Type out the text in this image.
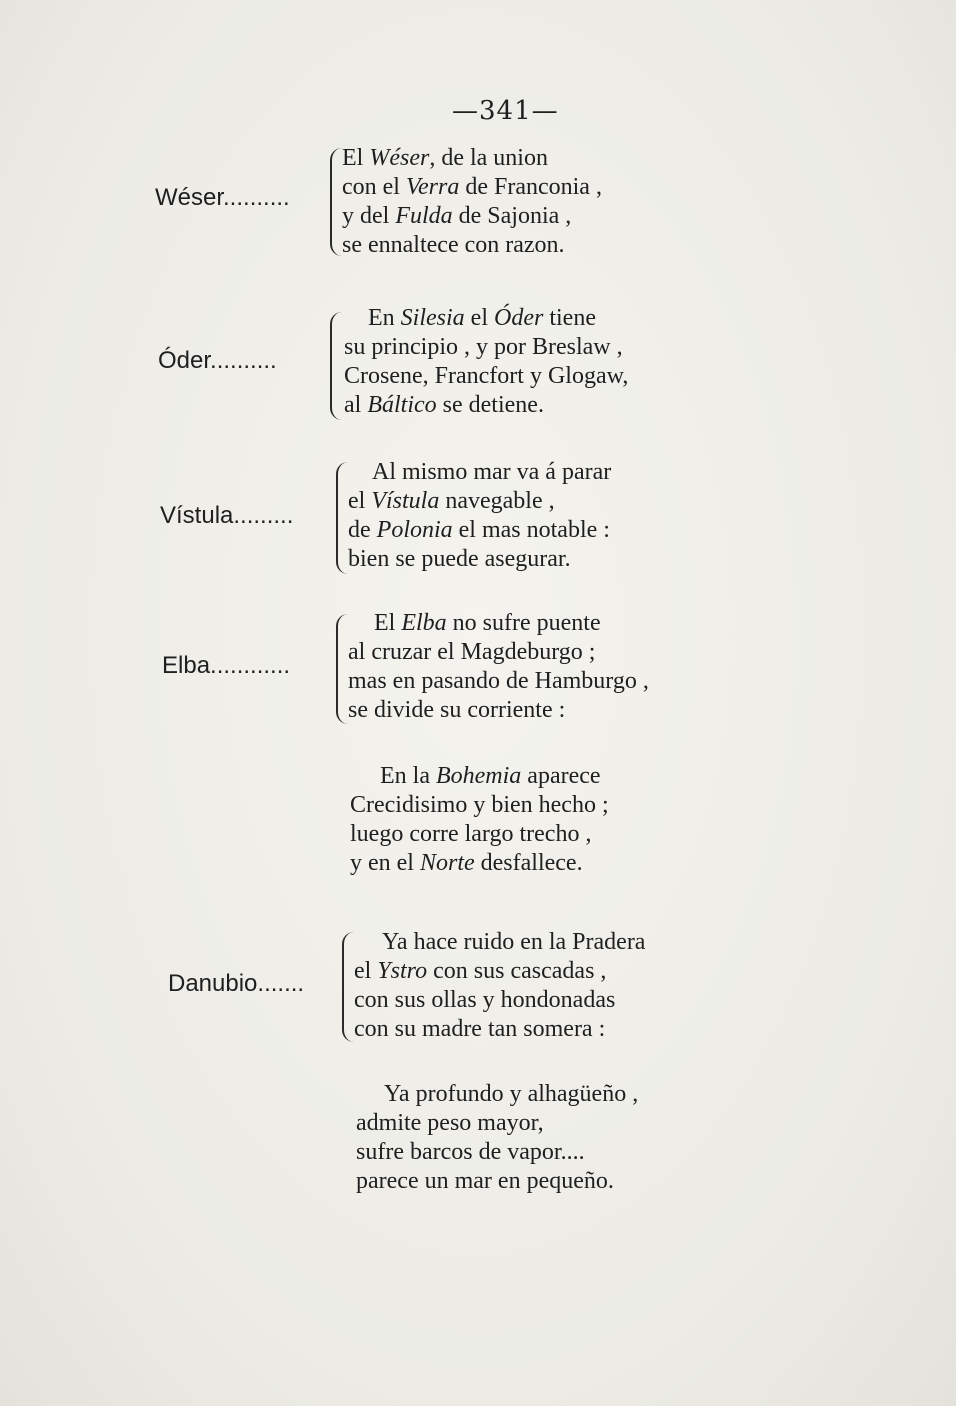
—341—
Wéser..........
El Wéser, de la union
con el Verra de Franconia ,
y del Fulda de Sajonia ,
se ennaltece con razon.
Óder..........
En Silesia el Óder tiene
su principio , y por Breslaw ,
Crosene, Francfort y Glogaw,
al Báltico se detiene.
Vístula.........
Al mismo mar va á parar
el Vístula navegable ,
de Polonia el mas notable :
bien se puede asegurar.
Elba............
El Elba no sufre puente
al cruzar el Magdeburgo ;
mas en pasando de Hamburgo ,
se divide su corriente :
En la Bohemia aparece
Crecidisimo y bien hecho ;
luego corre largo trecho ,
y en el Norte desfallece.
Danubio.......
Ya hace ruido en la Pradera
el Ystro con sus cascadas ,
con sus ollas y hondonadas
con su madre tan somera :
Ya profundo y alhagüeño ,
admite peso mayor,
sufre barcos de vapor....
parece un mar en pequeño.
